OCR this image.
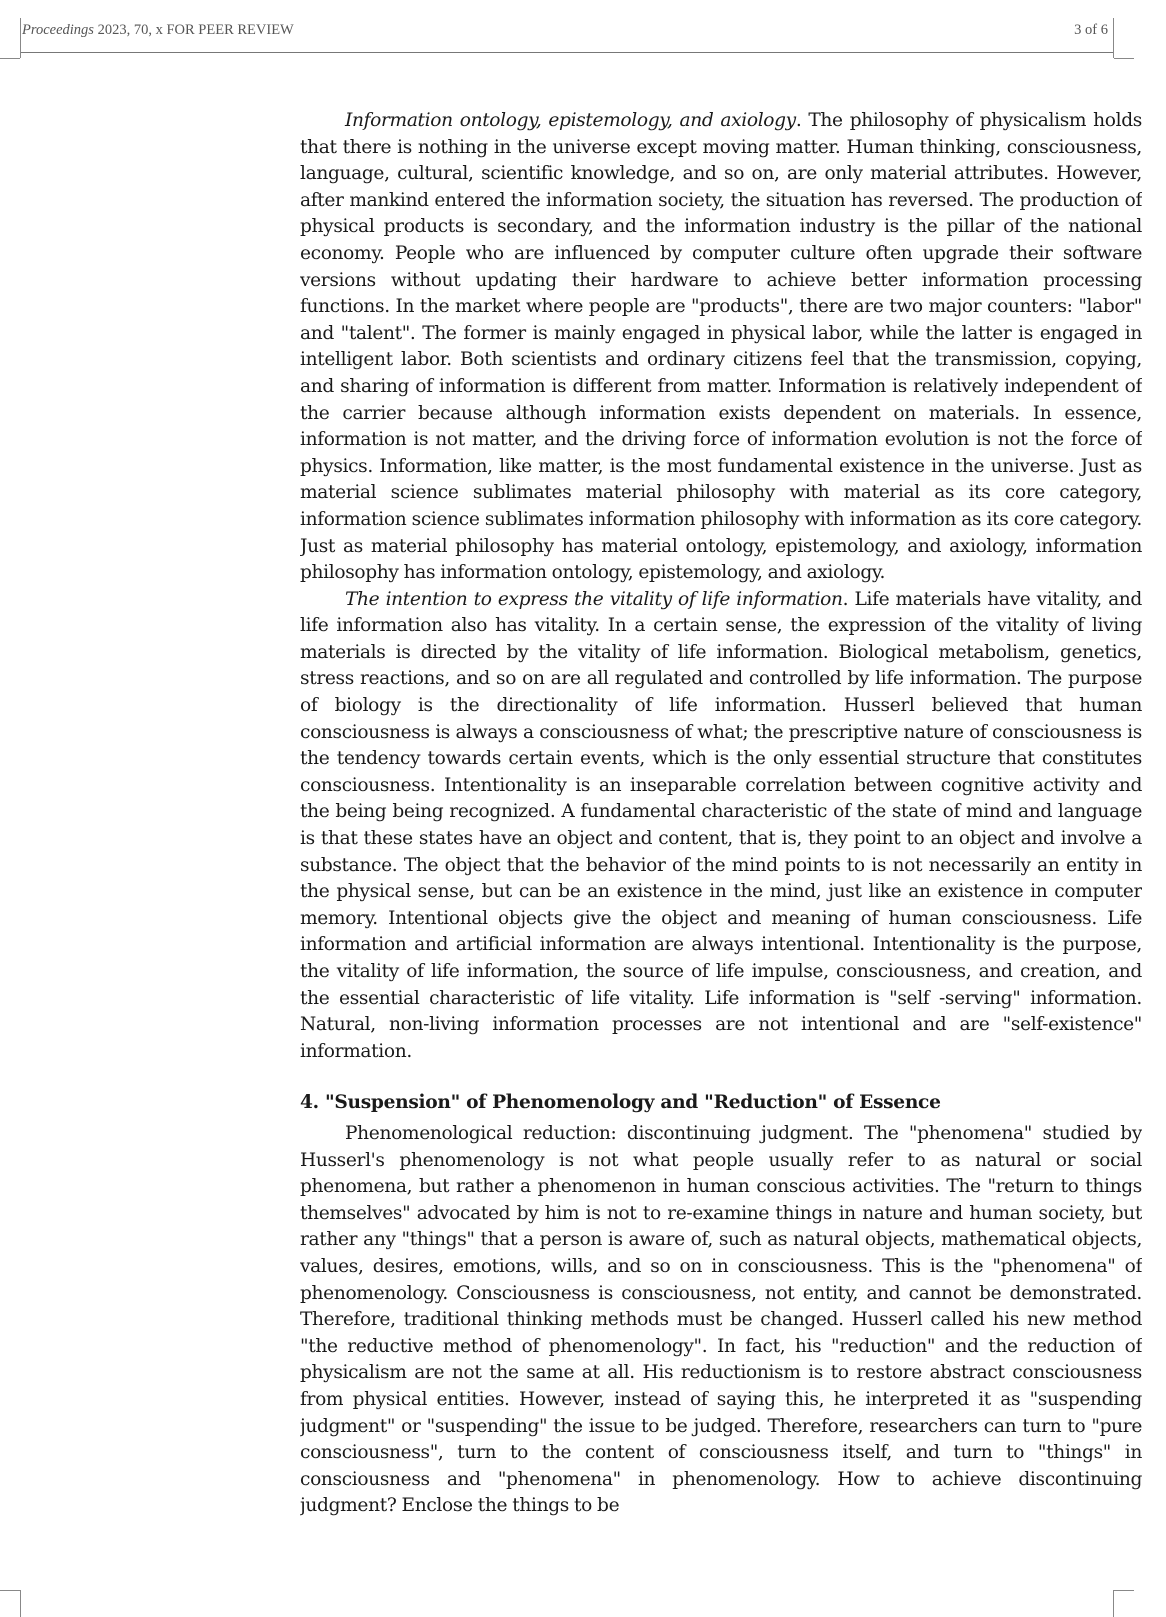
Proceedings 2023, 70, x FOR PEER REVIEW	3 of 6

Information ontology, epistemology, and axiology. The philosophy of physicalism holds that there is nothing in the universe except moving matter. Human thinking, consciousness, language, cultural, scientific knowledge, and so on, are only material attributes. However, after mankind entered the information society, the situation has reversed. The production of physical products is secondary, and the information industry is the pillar of the national economy. People who are influenced by computer culture often upgrade their software versions without updating their hardware to achieve better information processing functions. In the market where people are "products", there are two major counters: "labor" and "talent". The former is mainly engaged in physical labor, while the latter is engaged in intelligent labor. Both scientists and ordinary citizens feel that the transmission, copying, and sharing of information is different from matter. Information is relatively independent of the carrier because although information exists dependent on materials. In essence, information is not matter, and the driving force of information evolution is not the force of physics. Information, like matter, is the most fundamental existence in the universe. Just as material science sublimates material philosophy with material as its core category, information science sublimates information philosophy with information as its core category. Just as material philosophy has material ontology, epistemology, and axiology, information philosophy has information ontology, epistemology, and axiology.

The intention to express the vitality of life information. Life materials have vitality, and life information also has vitality. In a certain sense, the expression of the vitality of living materials is directed by the vitality of life information. Biological metabolism, genetics, stress reactions, and so on are all regulated and controlled by life information. The purpose of biology is the directionality of life information. Husserl believed that human consciousness is always a consciousness of what; the prescriptive nature of consciousness is the tendency towards certain events, which is the only essential structure that constitutes consciousness. Intentionality is an inseparable correlation between cognitive activity and the being being recognized. A fundamental characteristic of the state of mind and language is that these states have an object and content, that is, they point to an object and involve a substance. The object that the behavior of the mind points to is not necessarily an entity in the physical sense, but can be an existence in the mind, just like an existence in computer memory. Intentional objects give the object and meaning of human consciousness. Life information and artificial information are always intentional. Intentionality is the purpose, the vitality of life information, the source of life impulse, consciousness, and creation, and the essential characteristic of life vitality. Life information is "self -serving" information. Natural, non-living information processes are not intentional and are "self-existence" information.

4. "Suspension" of Phenomenology and "Reduction" of Essence

Phenomenological reduction: discontinuing judgment. The "phenomena" studied by Husserl's phenomenology is not what people usually refer to as natural or social phenomena, but rather a phenomenon in human conscious activities. The "return to things themselves" advocated by him is not to re-examine things in nature and human society, but rather any "things" that a person is aware of, such as natural objects, mathematical objects, values, desires, emotions, wills, and so on in consciousness. This is the "phenomena" of phenomenology. Consciousness is consciousness, not entity, and cannot be demonstrated. Therefore, traditional thinking methods must be changed. Husserl called his new method "the reductive method of phenomenology". In fact, his "reduction" and the reduction of physicalism are not the same at all. His reductionism is to restore abstract consciousness from physical entities. However, instead of saying this, he interpreted it as "suspending judgment" or "suspending" the issue to be judged. Therefore, researchers can turn to "pure consciousness", turn to the content of consciousness itself, and turn to "things" in consciousness and "phenomena" in phenomenology. How to achieve discontinuing judgment? Enclose the things to be
